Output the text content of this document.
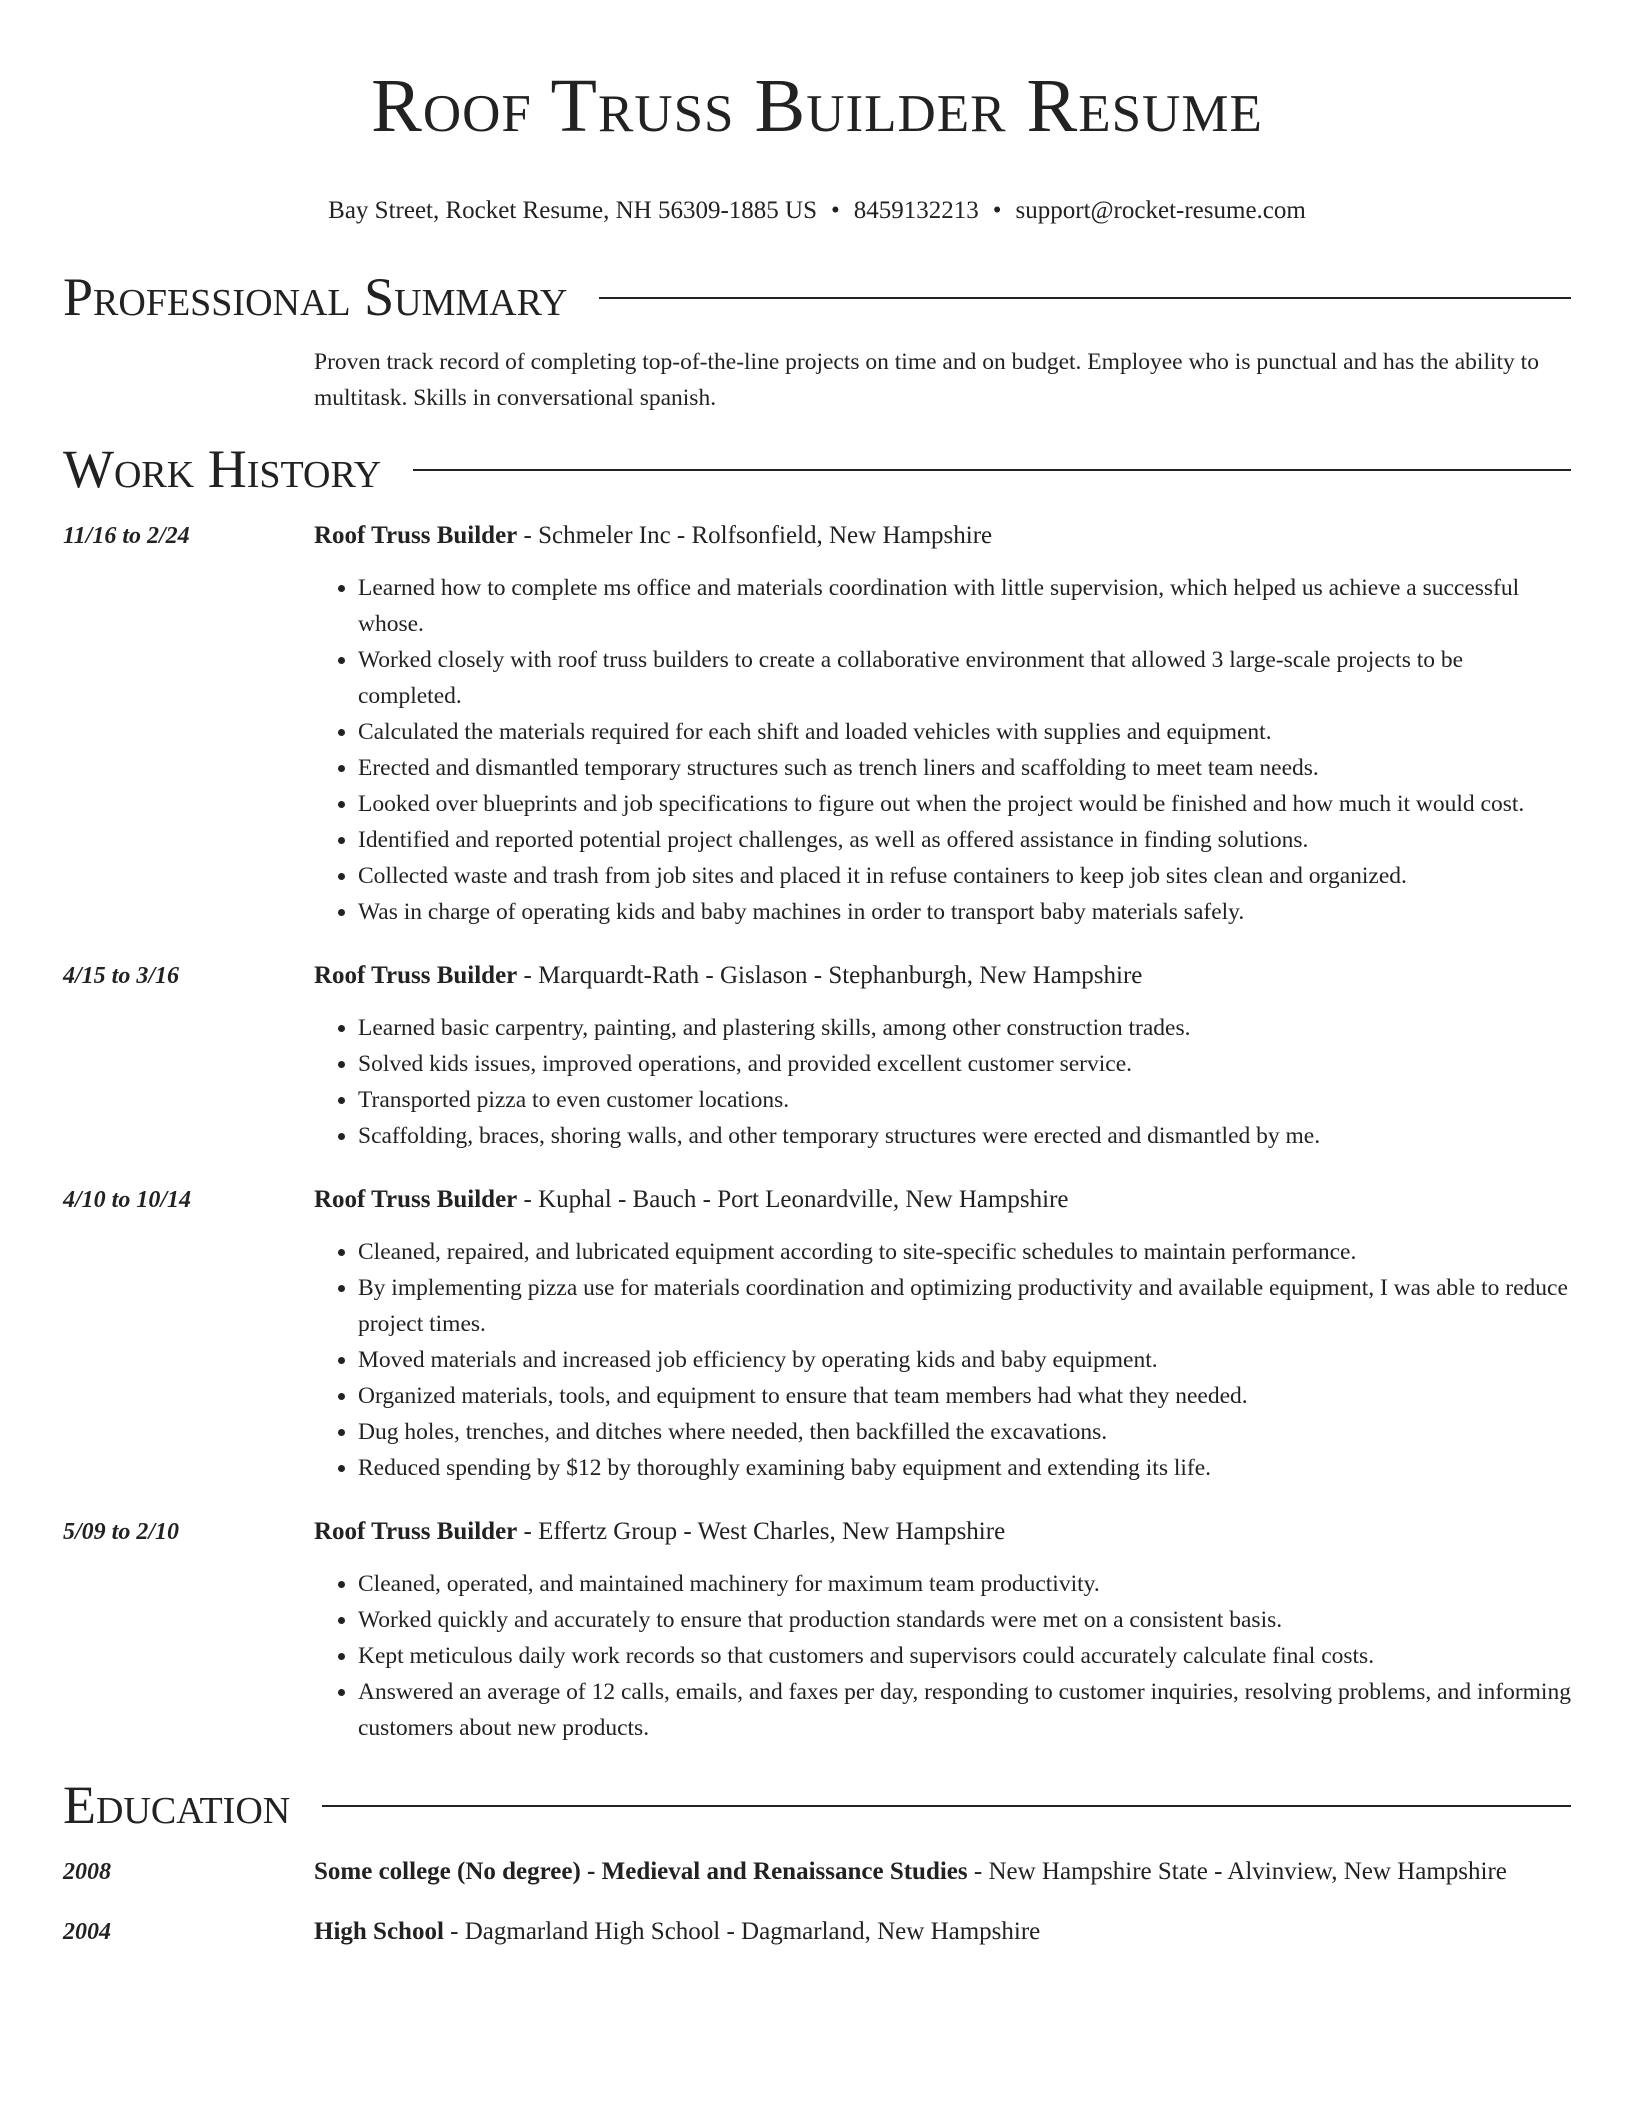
Roof Truss Builder Resume
Bay Street, Rocket Resume, NH 56309-1885 US • 8459132213 • support@rocket-resume.com
Professional Summary
Proven track record of completing top-of-the-line projects on time and on budget. Employee who is punctual and has the ability to multitask. Skills in conversational spanish.
Work History
11/16 to 2/24	Roof Truss Builder - Schmeler Inc - Rolfsonfield, New Hampshire
• Learned how to complete ms office and materials coordination with little supervision, which helped us achieve a successful whose.
• Worked closely with roof truss builders to create a collaborative environment that allowed 3 large-scale projects to be completed.
• Calculated the materials required for each shift and loaded vehicles with supplies and equipment.
• Erected and dismantled temporary structures such as trench liners and scaffolding to meet team needs.
• Looked over blueprints and job specifications to figure out when the project would be finished and how much it would cost.
• Identified and reported potential project challenges, as well as offered assistance in finding solutions.
• Collected waste and trash from job sites and placed it in refuse containers to keep job sites clean and organized.
• Was in charge of operating kids and baby machines in order to transport baby materials safely.
4/15 to 3/16	Roof Truss Builder - Marquardt-Rath - Gislason - Stephanburgh, New Hampshire
• Learned basic carpentry, painting, and plastering skills, among other construction trades.
• Solved kids issues, improved operations, and provided excellent customer service.
• Transported pizza to even customer locations.
• Scaffolding, braces, shoring walls, and other temporary structures were erected and dismantled by me.
4/10 to 10/14	Roof Truss Builder - Kuphal - Bauch - Port Leonardville, New Hampshire
• Cleaned, repaired, and lubricated equipment according to site-specific schedules to maintain performance.
• By implementing pizza use for materials coordination and optimizing productivity and available equipment, I was able to reduce project times.
• Moved materials and increased job efficiency by operating kids and baby equipment.
• Organized materials, tools, and equipment to ensure that team members had what they needed.
• Dug holes, trenches, and ditches where needed, then backfilled the excavations.
• Reduced spending by $12 by thoroughly examining baby equipment and extending its life.
5/09 to 2/10	Roof Truss Builder - Effertz Group - West Charles, New Hampshire
• Cleaned, operated, and maintained machinery for maximum team productivity.
• Worked quickly and accurately to ensure that production standards were met on a consistent basis.
• Kept meticulous daily work records so that customers and supervisors could accurately calculate final costs.
• Answered an average of 12 calls, emails, and faxes per day, responding to customer inquiries, resolving problems, and informing customers about new products.
Education
2008	Some college (No degree) - Medieval and Renaissance Studies - New Hampshire State - Alvinview, New Hampshire
2004	High School - Dagmarland High School - Dagmarland, New Hampshire
